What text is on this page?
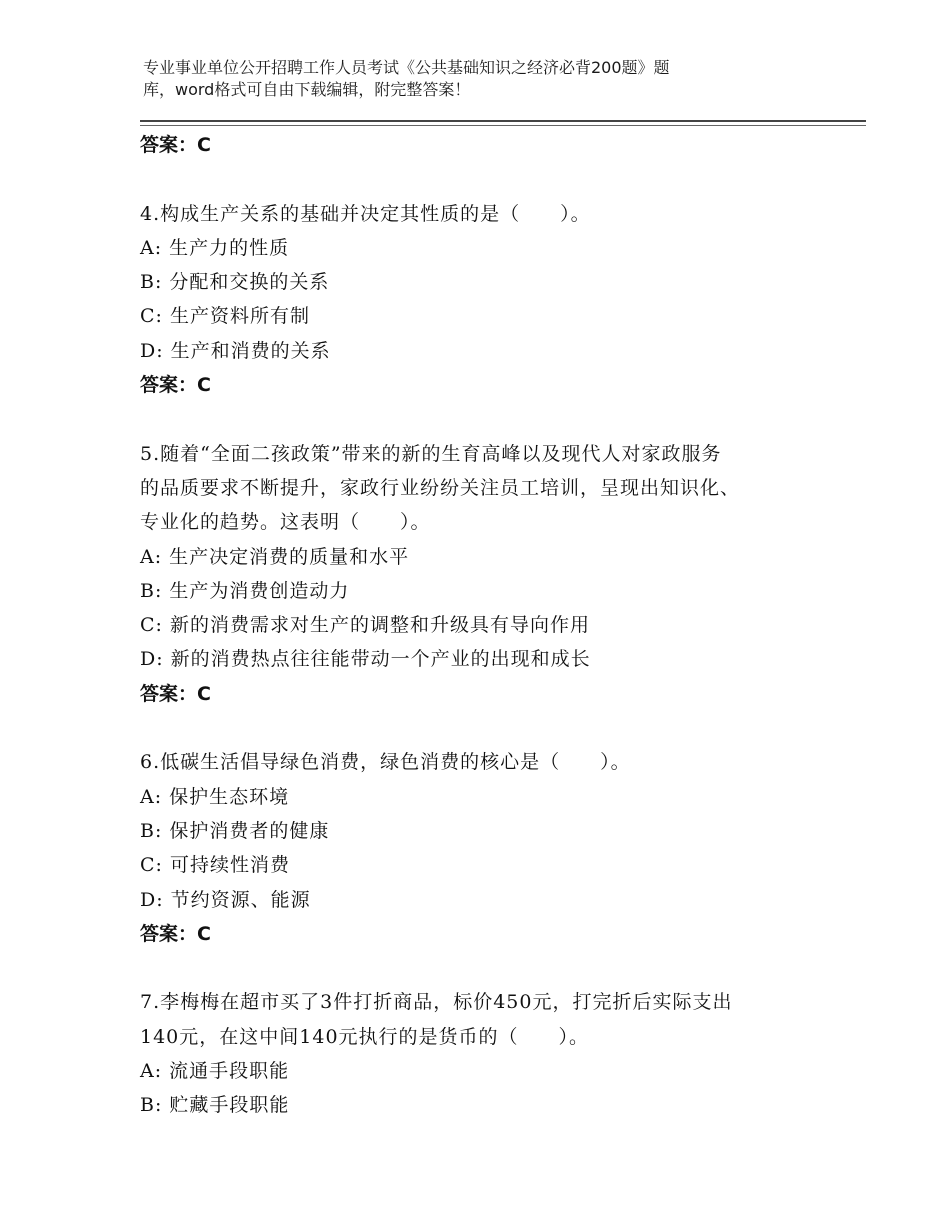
专业事业单位公开招聘工作人员考试《公共基础知识之经济必背200题》题
库，word格式可自由下载编辑，附完整答案！
答案：C
4.构成生产关系的基础并决定其性质的是（　　）。
A: 生产力的性质
B: 分配和交换的关系
C: 生产资料所有制
D: 生产和消费的关系
答案：C
5.随着“全面二孩政策”带来的新的生育高峰以及现代人对家政服务
的品质要求不断提升，家政行业纷纷关注员工培训，呈现出知识化、
专业化的趋势。这表明（　　）。
A: 生产决定消费的质量和水平
B: 生产为消费创造动力
C: 新的消费需求对生产的调整和升级具有导向作用
D: 新的消费热点往往能带动一个产业的出现和成长
答案：C
6.低碳生活倡导绿色消费，绿色消费的核心是（　　）。
A: 保护生态环境
B: 保护消费者的健康
C: 可持续性消费
D: 节约资源、能源
答案：C
7.李梅梅在超市买了3件打折商品，标价450元，打完折后实际支出
140元，在这中间140元执行的是货币的（　　）。
A: 流通手段职能
B: 贮藏手段职能
